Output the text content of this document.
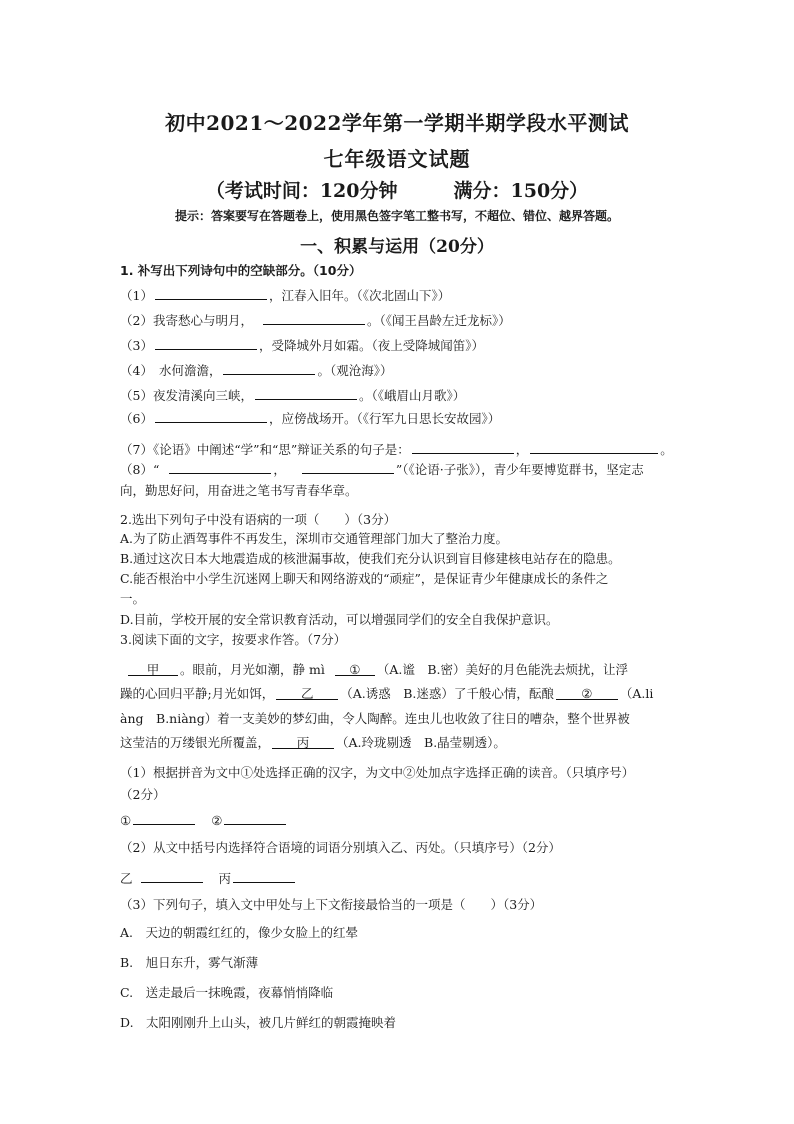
初中2021～2022学年第一学期半期学段水平测试
七年级语文试题
（考试时间：120分钟	满分：150分）
提示：答案要写在答题卷上，使用黑色签字笔工整书写，不超位、错位、越界答题。
一、积累与运用（20分）
1. 补写出下列诗句中的空缺部分。（10分）
（1）	，江春入旧年。（《次北固山下》）
（2）我寄愁心与明月，	。（《闻王昌龄左迁龙标》）
（3）	，受降城外月如霜。（夜上受降城闻笛》）
（4） 水何澹澹，	。（观沧海》）
（5）夜发清溪向三峡，	。（《峨眉山月歌》）
（6）	，应傍战场开。（《行军九日思长安故园》）
（7）《论语》中阐述“学”和“思”辩证关系的句子是：	，	。
（8）“	，	”（《论语·子张》），青少年要博览群书，坚定志
向，勤思好问，用奋进之笔书写青春华章。
2.选出下列句子中没有语病的一项（　　）（3分）
A.为了防止酒驾事件不再发生，深圳市交通管理部门加大了整治力度。
B.通过这次日本大地震造成的核泄漏事故，使我们充分认识到盲目修建核电站存在的隐患。
C.能否根治中小学生沉迷网上聊天和网络游戏的“顽症”，是保证青少年健康成长的条件之
一。
D.目前，学校开展的安全常识教育活动，可以增强同学们的安全自我保护意识。
3.阅读下面的文字，按要求作答。（7分）
甲 。眼前，月光如潮，静 mì ① （A.谧　B.密）美好的月色能洗去烦扰，让浮
躁的心回归平静;月光如饵， 乙 （A.诱惑　B.迷惑）了千般心情，酝酿 ② （A.li
àng　B.niàng）着一支美妙的梦幻曲，令人陶醉。连虫儿也收敛了往日的嘈杂，整个世界被
这莹洁的万缕银光所覆盖， 丙 （A.玲珑剔透　B.晶莹剔透）。
（1）根据拼音为文中①处选择正确的汉字，为文中②处加点字选择正确的读音。（只填序号）
（2分）
①	②
（2）从文中括号内选择符合语境的词语分别填入乙、丙处。（只填序号）（2分）
乙	丙
（3）下列句子，填入文中甲处与上下文衔接最恰当的一项是（　　）（3分）
A.　天边的朝霞红红的，像少女脸上的红晕
B.　旭日东升，雾气渐薄
C.　送走最后一抹晚霞，夜幕悄悄降临
D.　太阳刚刚升上山头，被几片鲜红的朝霞掩映着
